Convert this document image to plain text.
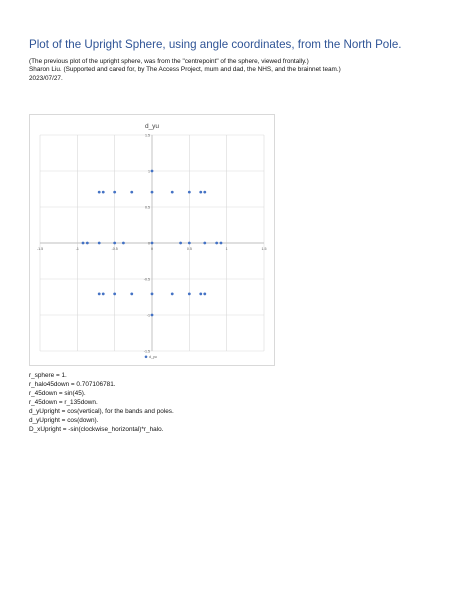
Plot of the Upright Sphere, using angle coordinates, from the North Pole.
(The previous plot of the upright sphere, was from the "centrepoint" of the sphere, viewed frontally.)
Sharon Liu. (Supported and cared for, by The Access Project, mum and dad, the NHS, and the brainnet team.)
2023/07/27.
d_yu
-1.5	-1	-0.5	0	0.5	1	1.5
1.5
1
0.5
0
-0.5
-1
-1.5
d_yu
r_sphere = 1.
r_halo45down = 0.707106781.
r_45down = sin(45).
r_45down = r_135down.
d_yUpright = cos(vertical), for the bands and poles.
d_yUpright = cos(down).
D_xUpright = -sin(clockwise_horizontal)*r_halo.
